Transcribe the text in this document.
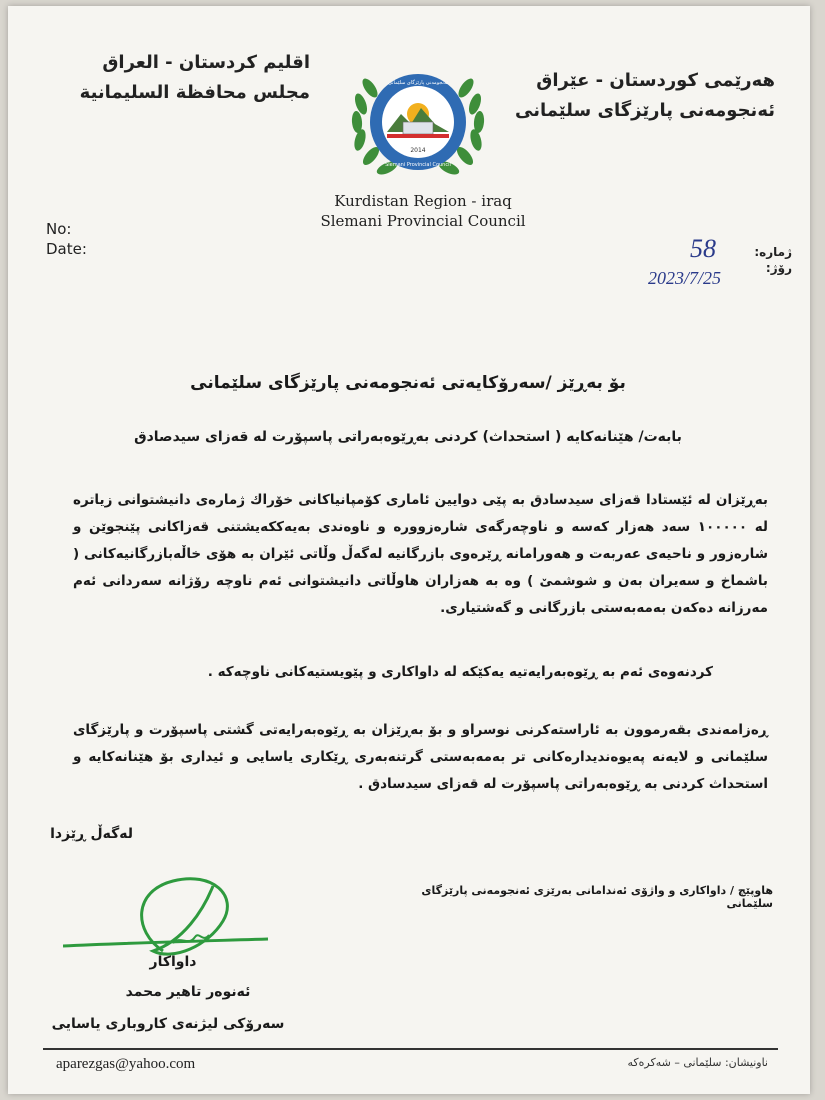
اقليم كردستان - العراق
مجلس محافظة السليمانية
هەرێمی کوردستان - عێراق
ئەنجومەنی پارێزگای سلێمانی
2014
ئەنجومەنی پارێزگای سلێمانی
Slemani Provincial Council
Kurdistan Region - iraq
Slemani Provincial Council
No:
Date:	58	ژمارە:
رۆژ:
2023/7/25
بۆ بەڕێز /سەرۆکایەتی ئەنجومەنی پارێزگای سلێمانی
بابەت/ هێنانەکایە ( استحداث) کردنی بەڕێوەبەراتی پاسپۆرت لە قەزای سیدصادق
بەڕێزان لە ئێستادا قەزای سیدسادق بە پێی دوایین ئاماری کۆمپانیاکانی خۆراك ژمارەی دانیشتوانی زیاترە لە ١٠٠٠٠٠ سەد هەزار کەسە و ناوچەرگەی شارەزوورە و ناوەندی بەیەککەیشتنی قەزاکانی پێنجوێن و شارەزور و ناحیەی عەربەت و هەورامانە ڕێرەوی بازرگانیە لەگەڵ وڵاتی ئێران بە هۆی خاڵەبازرگانیەکانی ( باشماخ و سەیران بەن و شوشمێ ) وە بە هەزاران هاوڵاتی دانیشتوانی ئەم ناوچە رۆژانە سەردانی ئەم مەرزانە دەکەن بەمەبەستی بازرگانی و گەشتیاری.
کردنەوەی ئەم بە ڕێوەبەرایەتیە یەکێکە لە داواکاری و پێویستیەکانی ناوچەکە .
ڕەزامەندی بقەرموون بە ئاراستەکرنی نوسراو و بۆ بەڕێزان بە ڕێوەبەرایەتی گشتی پاسپۆرت و پارێزگای سلێمانی و لایەنە پەیوەندیدارەکانی تر بەمەبەستی گرتنەبەری ڕێکاری یاسایی و ئیداری بۆ هێنانەکایە و استحداث کردنی بە ڕێوەبەراتی پاسپۆرت لە قەزای سیدسادق .
لەگەڵ ڕێزدا
هاوپێچ / داواکاری و واژۆی ئەندامانی بەرێزی ئەنجومەنی پارێزگای سلێمانی
داواکار
ئەنوەر تاهیر محمد
سەرۆکی لیژنەی کاروباری یاسایی
aparezgas@yahoo.com	ناونیشان: سلێمانی – شەکرەکە
